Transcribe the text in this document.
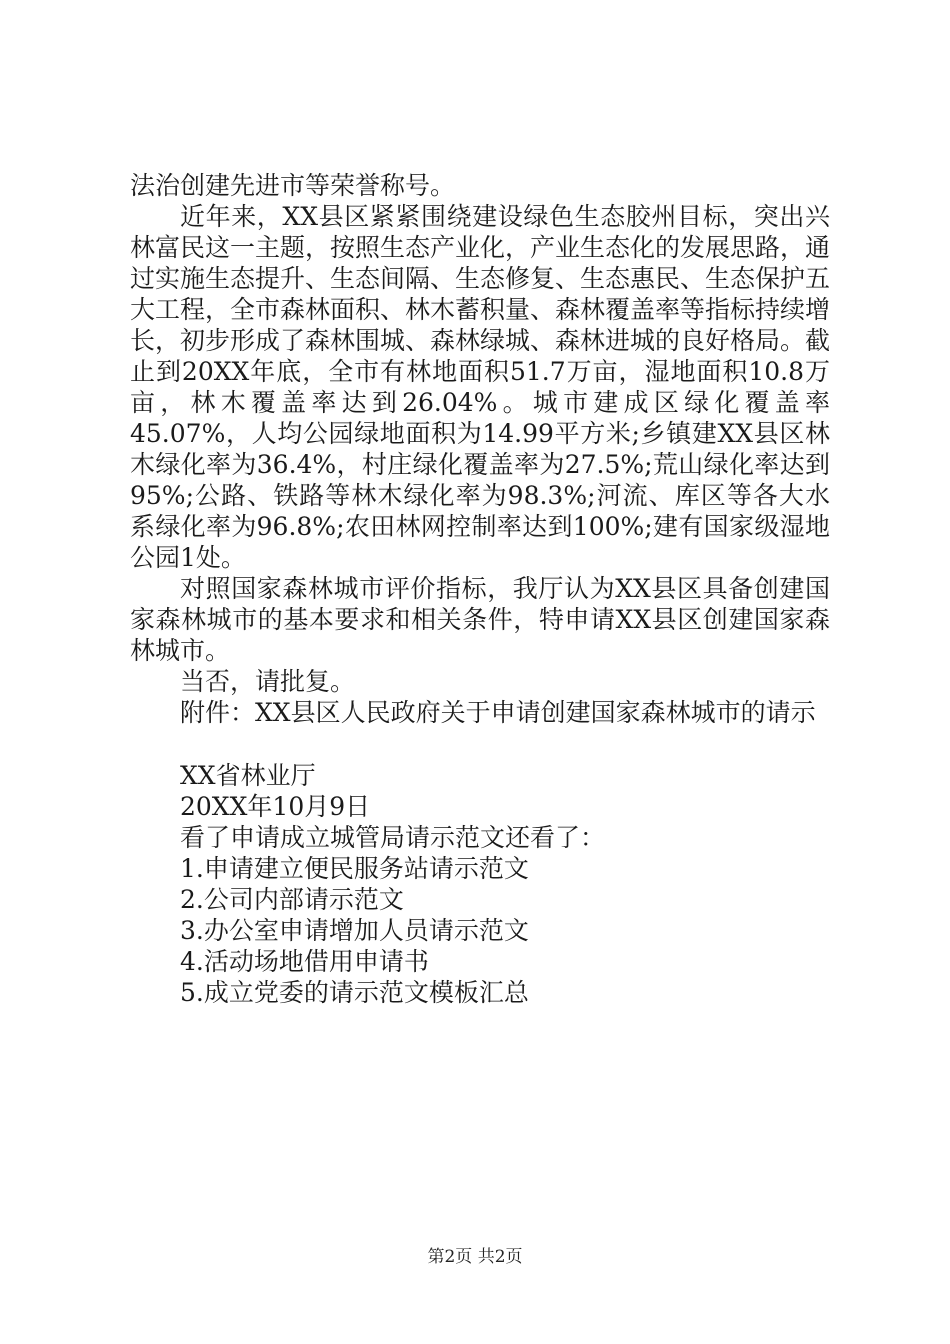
法治创建先进市等荣誉称号。

近年来，XX县区紧紧围绕建设绿色生态胶州目标，突出兴林富民这一主题，按照生态产业化，产业生态化的发展思路，通过实施生态提升、生态间隔、生态修复、生态惠民、生态保护五大工程，全市森林面积、林木蓄积量、森林覆盖率等指标持续增长，初步形成了森林围城、森林绿城、森林进城的良好格局。截止到20XX年底，全市有林地面积51.7万亩，湿地面积10.8万亩，林木覆盖率达到26.04%。城市建成区绿化覆盖率45.07%，人均公园绿地面积为14.99平方米;乡镇建XX县区林木绿化率为36.4%，村庄绿化覆盖率为27.5%;荒山绿化率达到95%;公路、铁路等林木绿化率为98.3%;河流、库区等各大水系绿化率为96.8%;农田林网控制率达到100%;建有国家级湿地公园1处。

对照国家森林城市评价指标，我厅认为XX县区具备创建国家森林城市的基本要求和相关条件，特申请XX县区创建国家森林城市。

当否，请批复。

附件：XX县区人民政府关于申请创建国家森林城市的请示

XX省林业厅

20XX年10月9日

看了申请成立城管局请示范文还看了：

1.申请建立便民服务站请示范文

2.公司内部请示范文

3.办公室申请增加人员请示范文

4.活动场地借用申请书

5.成立党委的请示范文模板汇总

第2页 共2页
